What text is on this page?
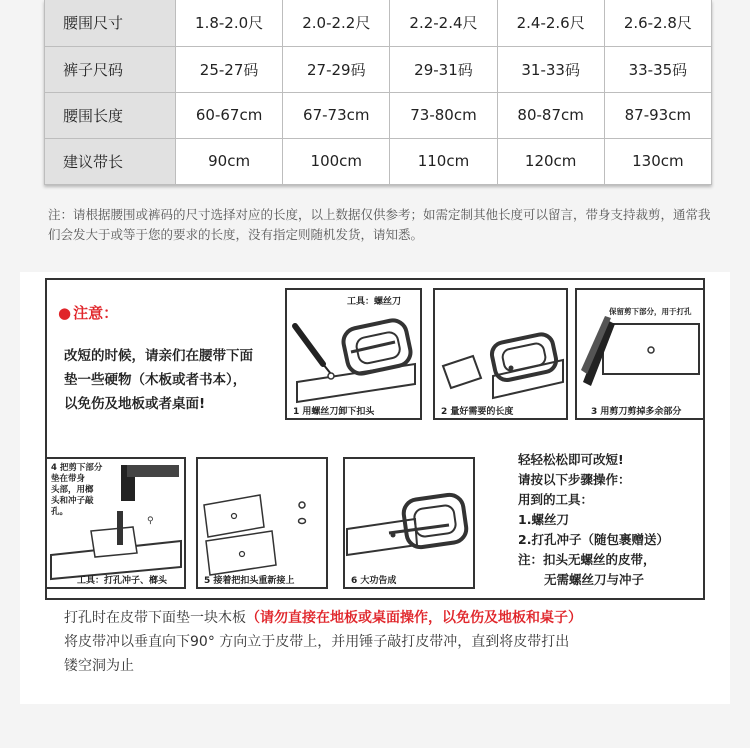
腰围尺寸	1.8-2.0尺	2.0-2.2尺	2.2-2.4尺	2.4-2.6尺	2.6-2.8尺
裤子尺码	25-27码	27-29码	29-31码	31-33码	33-35码
腰围长度	60-67cm	67-73cm	73-80cm	80-87cm	87-93cm
建议带长	90cm	100cm	110cm	120cm	130cm
注：请根据腰围或裤码的尺寸选择对应的长度，以上数据仅供参考；如需定制其他长度可以留言，带身支持裁剪，通常我们会发大于或等于您的要求的长度，没有指定则随机发货，请知悉。
● 注意：
改短的时候，请亲们在腰带下面
垫一些硬物（木板或者书本），
以免伤及地板或者桌面!
工具：螺丝刀
1 用螺丝刀卸下扣头	2 量好需要的长度
保留剪下部分，用于打孔
3 用剪刀剪掉多余部分
⚲
4 把剪下部分
垫在带身
头部，用榔
头和冲子敲
孔。
工具：打孔冲子、榔头	5 接着把扣头重新接上	6 大功告成
轻轻松松即可改短!
请按以下步骤操作：
用到的工具：
1.螺丝刀
2.打孔冲子（随包裹赠送）
注：扣头无螺丝的皮带，
无需螺丝刀与冲子
打孔时在皮带下面垫一块木板（请勿直接在地板或桌面操作，以免伤及地板和桌子）
将皮带冲以垂直向下90° 方向立于皮带上，并用锤子敲打皮带冲，直到将皮带打出
镂空洞为止
